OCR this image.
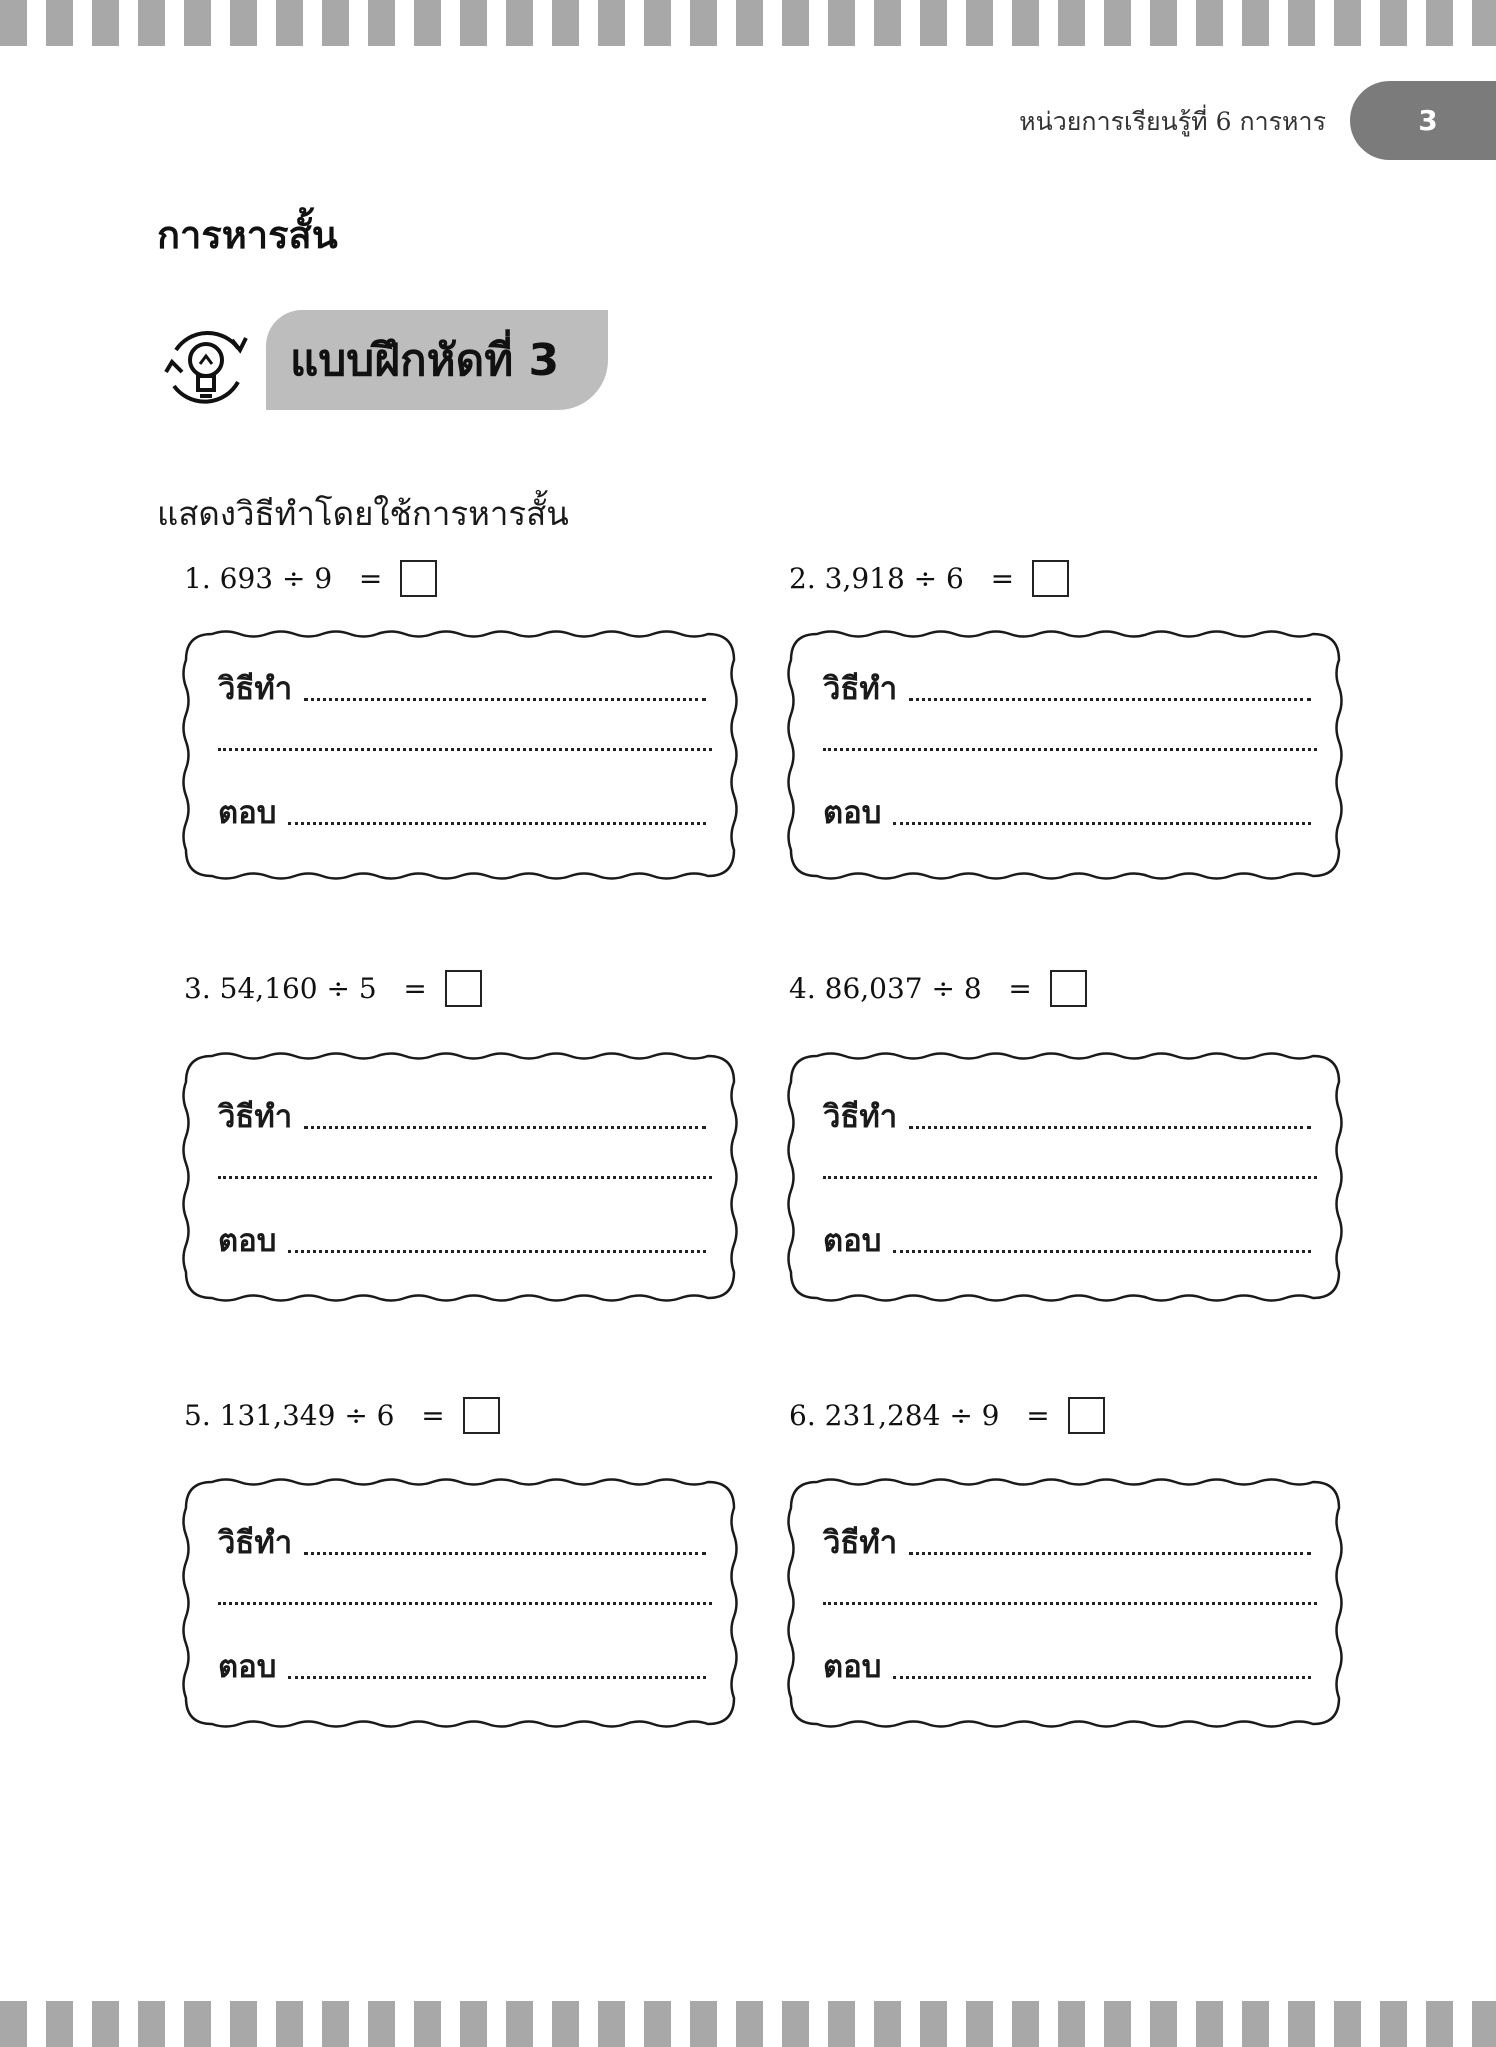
หน่วยการเรียนรู้ที่ 6 การหาร	3
การหารสั้น
แบบฝึกหัดที่ 3
แสดงวิธีทำโดยใช้การหารสั้น
1.
693 ÷ 9
=
วิธีทำ
ตอบ
2.
3,918 ÷ 6
=
วิธีทำ
ตอบ
3.
54,160 ÷ 5
=
วิธีทำ
ตอบ
4.
86,037 ÷ 8
=
วิธีทำ
ตอบ
5.
131,349 ÷ 6
=
วิธีทำ
ตอบ
6.
231,284 ÷ 9
=
วิธีทำ
ตอบ
